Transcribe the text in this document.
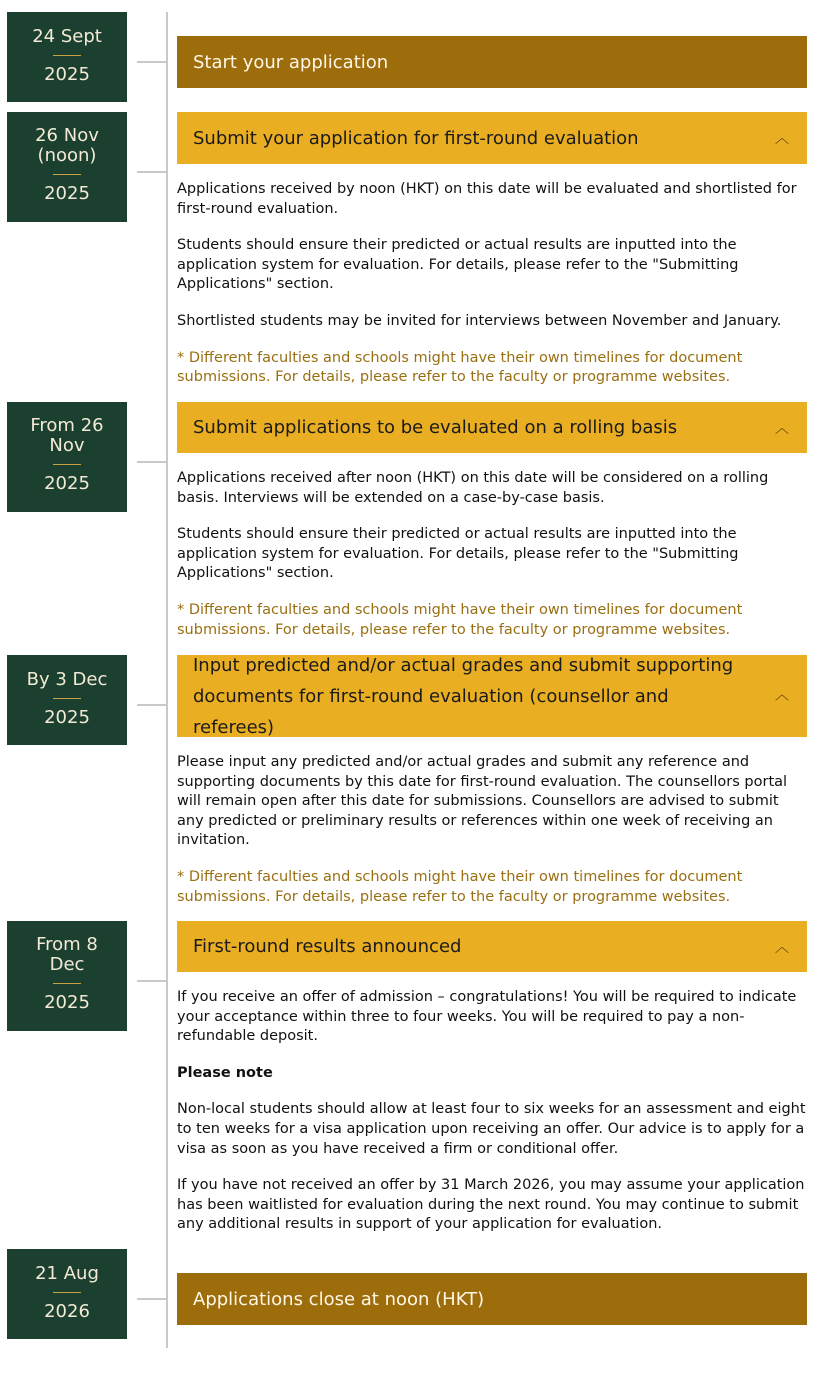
24 Sept
2025
Start your application
26 Nov
(noon)
2025
Submit your application for first-round evaluation	︿

Applications received by noon (HKT) on this date will be evaluated and shortlisted for first-round evaluation.

Students should ensure their predicted or actual results are inputted into the application system for evaluation. For details, please refer to the "Submitting Applications" section.

Shortlisted students may be invited for interviews between November and January.

* Different faculties and schools might have their own timelines for document submissions. For details, please refer to the faculty or programme websites.

From 26
Nov
2025
Submit applications to be evaluated on a rolling basis	︿

Applications received after noon (HKT) on this date will be considered on a rolling basis. Interviews will be extended on a case-by-case basis.

Students should ensure their predicted or actual results are inputted into the application system for evaluation. For details, please refer to the "Submitting Applications" section.

* Different faculties and schools might have their own timelines for document submissions. For details, please refer to the faculty or programme websites.

By 3 Dec
2025
Input predicted and/or actual grades and submit supporting documents for first-round evaluation (counsellor and referees)
︿

Please input any predicted and/or actual grades and submit any reference and supporting documents by this date for first-round evaluation. The counsellors portal will remain open after this date for submissions. Counsellors are advised to submit any predicted or preliminary results or references within one week of receiving an invitation.

* Different faculties and schools might have their own timelines for document submissions. For details, please refer to the faculty or programme websites.

From 8
Dec
2025
First-round results announced	︿

If you receive an offer of admission – congratulations! You will be required to indicate your acceptance within three to four weeks. You will be required to pay a non-refundable deposit.

Please note

Non-local students should allow at least four to six weeks for an assessment and eight to ten weeks for a visa application upon receiving an offer. Our advice is to apply for a visa as soon as you have received a firm or conditional offer.

If you have not received an offer by 31 March 2026, you may assume your application has been waitlisted for evaluation during the next round. You may continue to submit any additional results in support of your application for evaluation.

21 Aug
2026
Applications close at noon (HKT)
